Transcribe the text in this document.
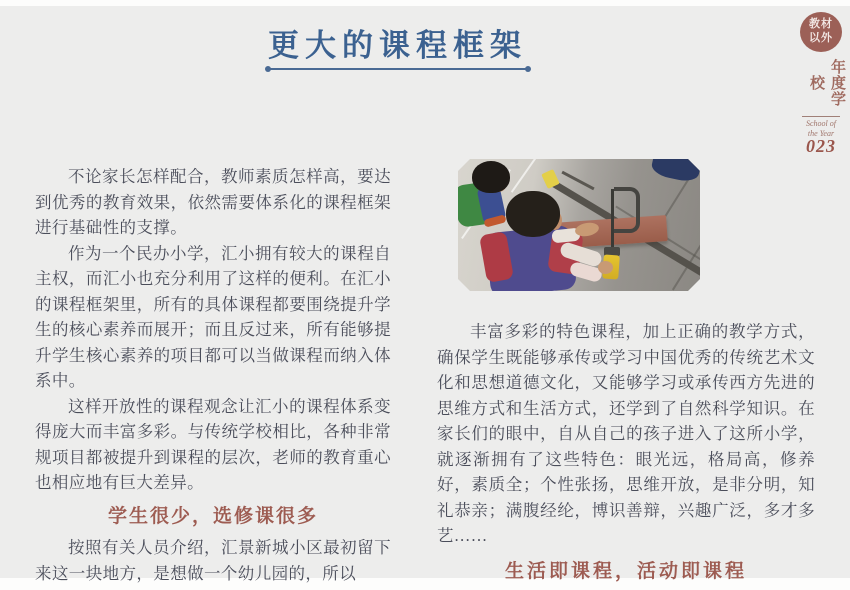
更大的课程框架
教材
以外
年度学校
School of
the Year
023

不论家长怎样配合，教师素质怎样高，要达到优秀的教育效果，依然需要体系化的课程框架进行基础性的支撑。

作为一个民办小学，汇小拥有较大的课程自主权，而汇小也充分利用了这样的便利。在汇小的课程框架里，所有的具体课程都要围绕提升学生的核心素养而展开；而且反过来，所有能够提升学生核心素养的项目都可以当做课程而纳入体系中。

这样开放性的课程观念让汇小的课程体系变得庞大而丰富多彩。与传统学校相比，各种非常规项目都被提升到课程的层次，老师的教育重心也相应地有巨大差异。

学生很少，选修课很多

按照有关人员介绍，汇景新城小区最初留下来这一块地方，是想做一个幼儿园的，所以

丰富多彩的特色课程，加上正确的教学方式，确保学生既能够承传或学习中国优秀的传统艺术文化和思想道德文化，又能够学习或承传西方先进的思维方式和生活方式，还学到了自然科学知识。在家长们的眼中，自从自己的孩子进入了这所小学，就逐渐拥有了这些特色：眼光远，格局高，修养好，素质全；个性张扬，思维开放，是非分明，知礼恭亲；满腹经纶，博识善辩，兴趣广泛，多才多艺……

生活即课程，活动即课程
